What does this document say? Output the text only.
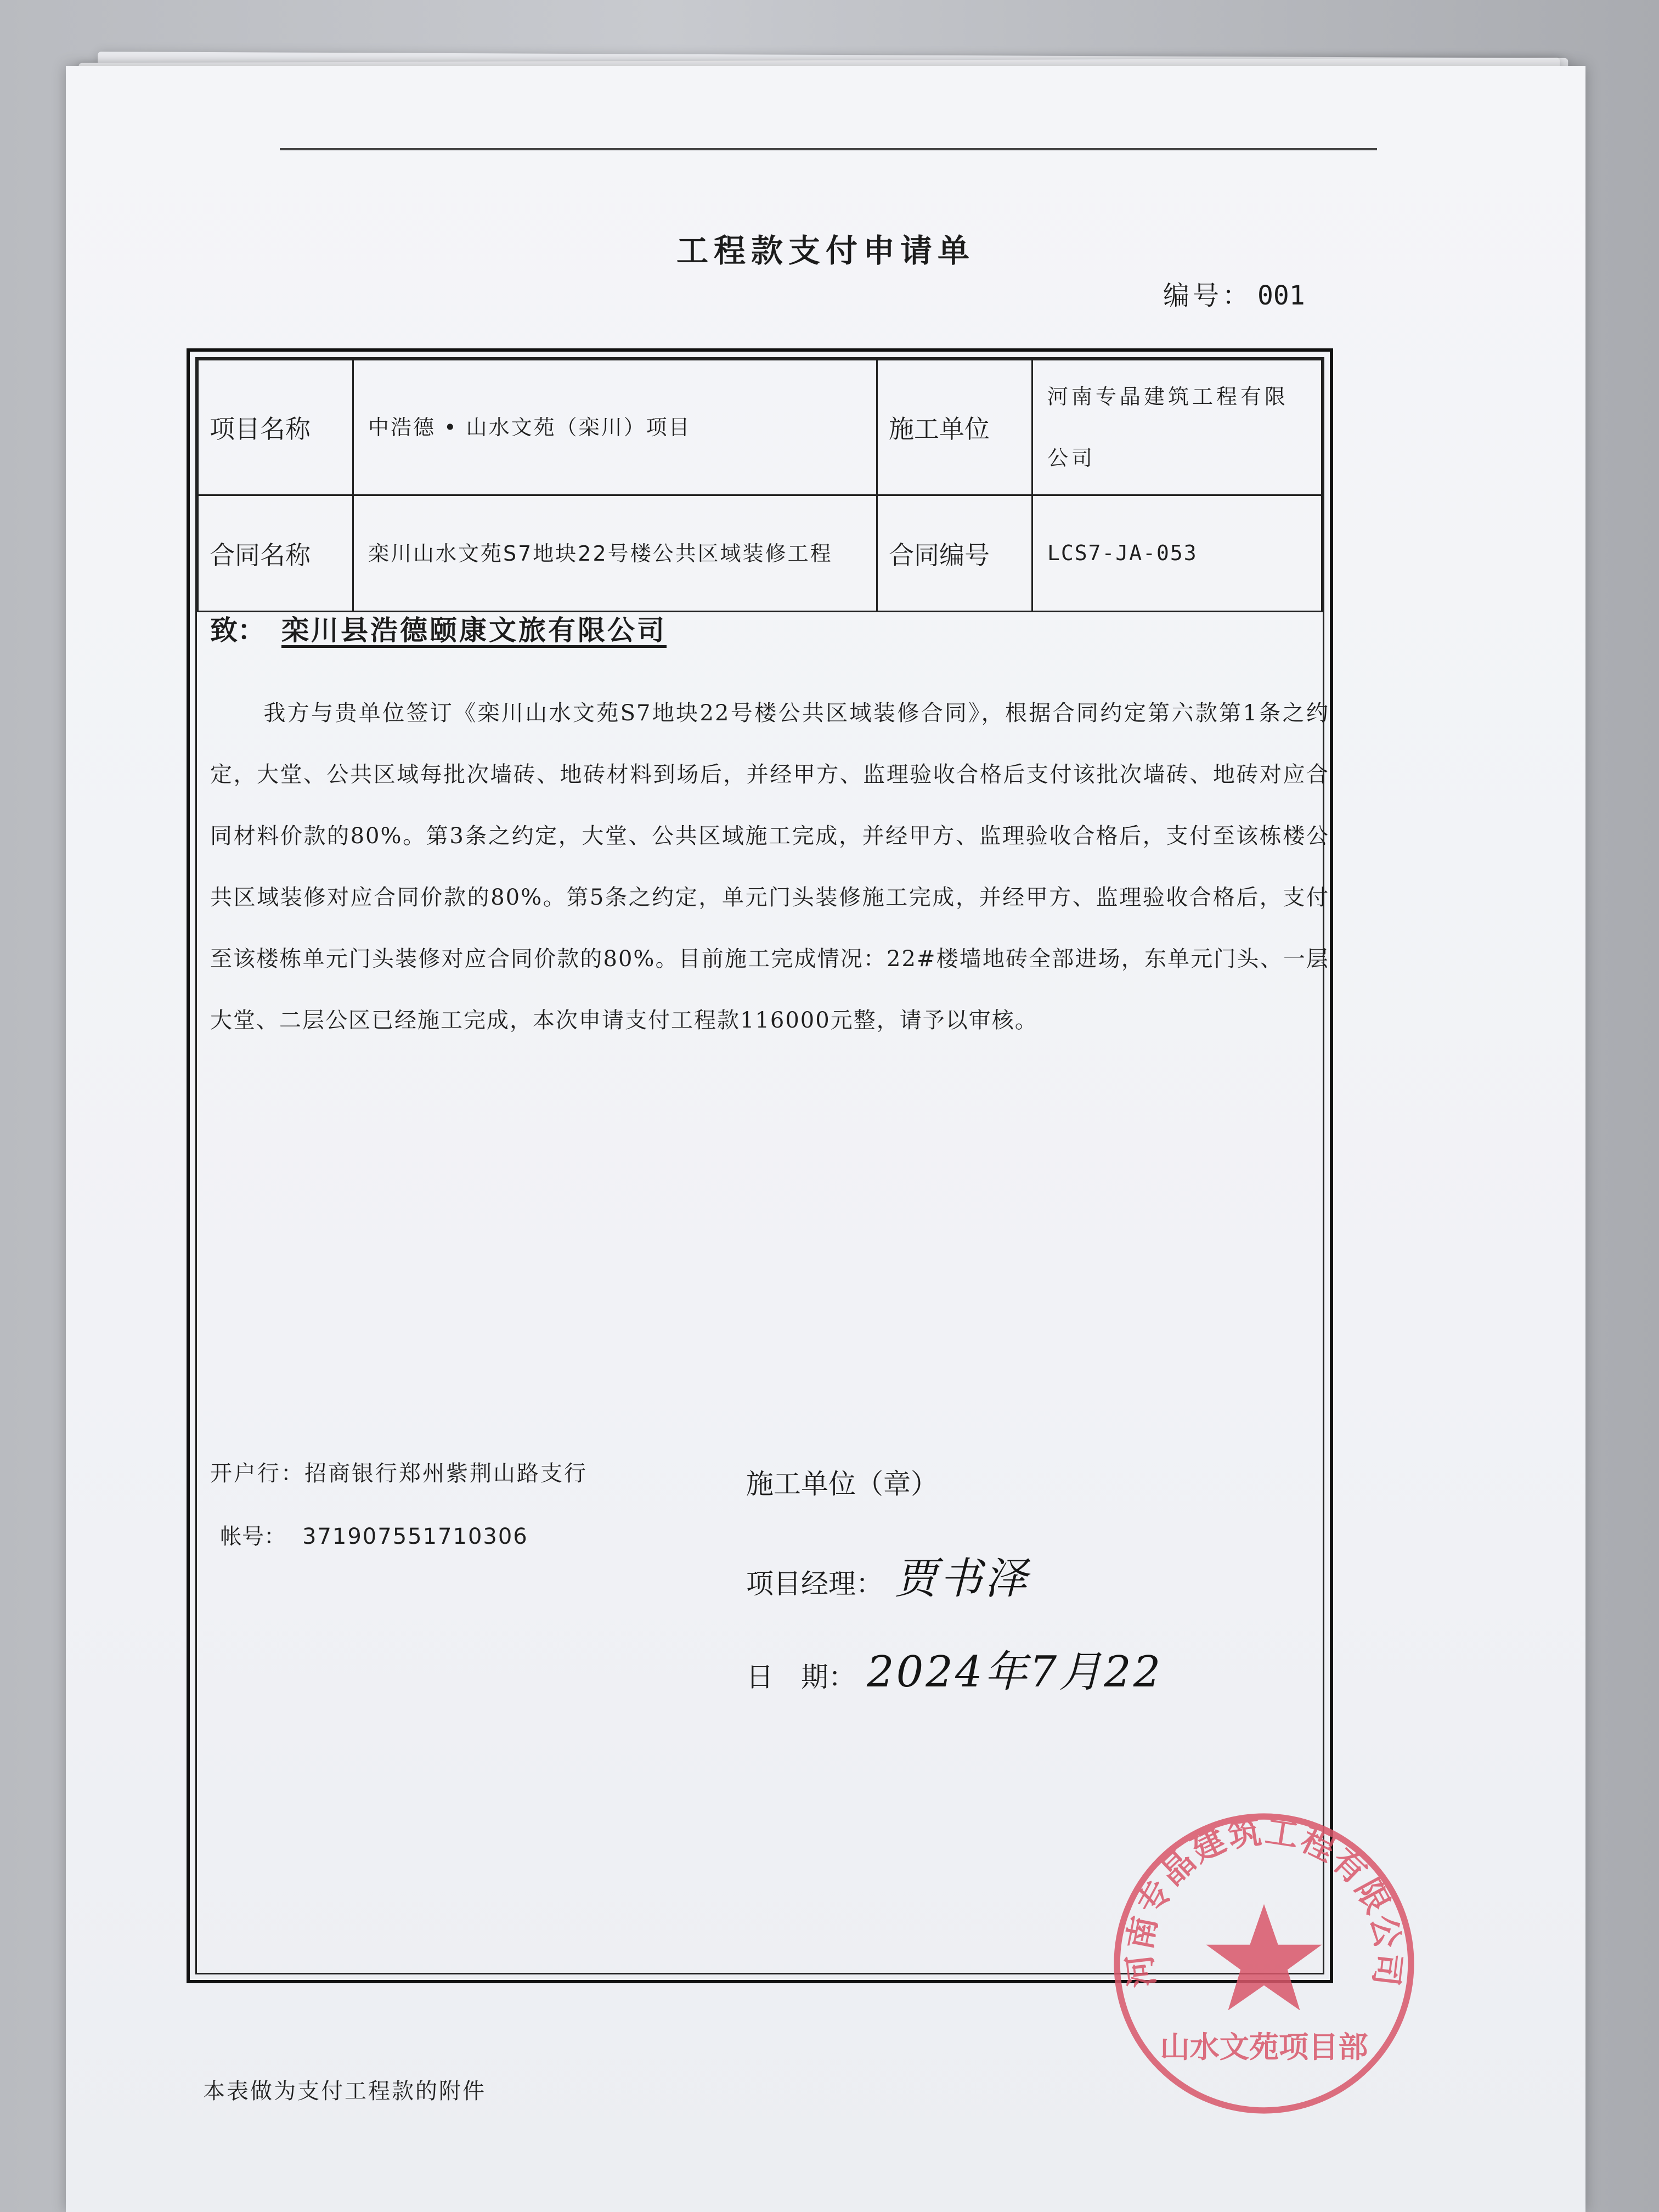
工程款支付申请单
编号： 001
项目名称	中浩德 • 山水文苑（栾川）项目	施工单位	河南专晶建筑工程有限公司
合同名称	栾川山水文苑S7地块22号楼公共区域装修工程	合同编号	LCS7-JA-053
致： 栾川县浩德颐康文旅有限公司
我方与贵单位签订《栾川山水文苑S7地块22号楼公共区域装修合同》，根据合同约定第六款第1条之约定，大堂、公共区域每批次墙砖、地砖材料到场后，并经甲方、监理验收合格后支付该批次墙砖、地砖对应合同材料价款的80%。第3条之约定，大堂、公共区域施工完成，并经甲方、监理验收合格后，支付至该栋楼公共区域装修对应合同价款的80%。第5条之约定，单元门头装修施工完成，并经甲方、监理验收合格后，支付至该楼栋单元门头装修对应合同价款的80%。目前施工完成情况：22#楼墙地砖全部进场，东单元门头、一层大堂、二层公区已经施工完成，本次申请支付工程款116000元整，请予以审核。
开户行：招商银行郑州紫荆山路支行
帐号： 371907551710306
河南专晶建筑工程有限公司
山水文苑项目部
施工单位（章）
项目经理： 贾书泽
日　期： 2024年7月22
本表做为支付工程款的附件
